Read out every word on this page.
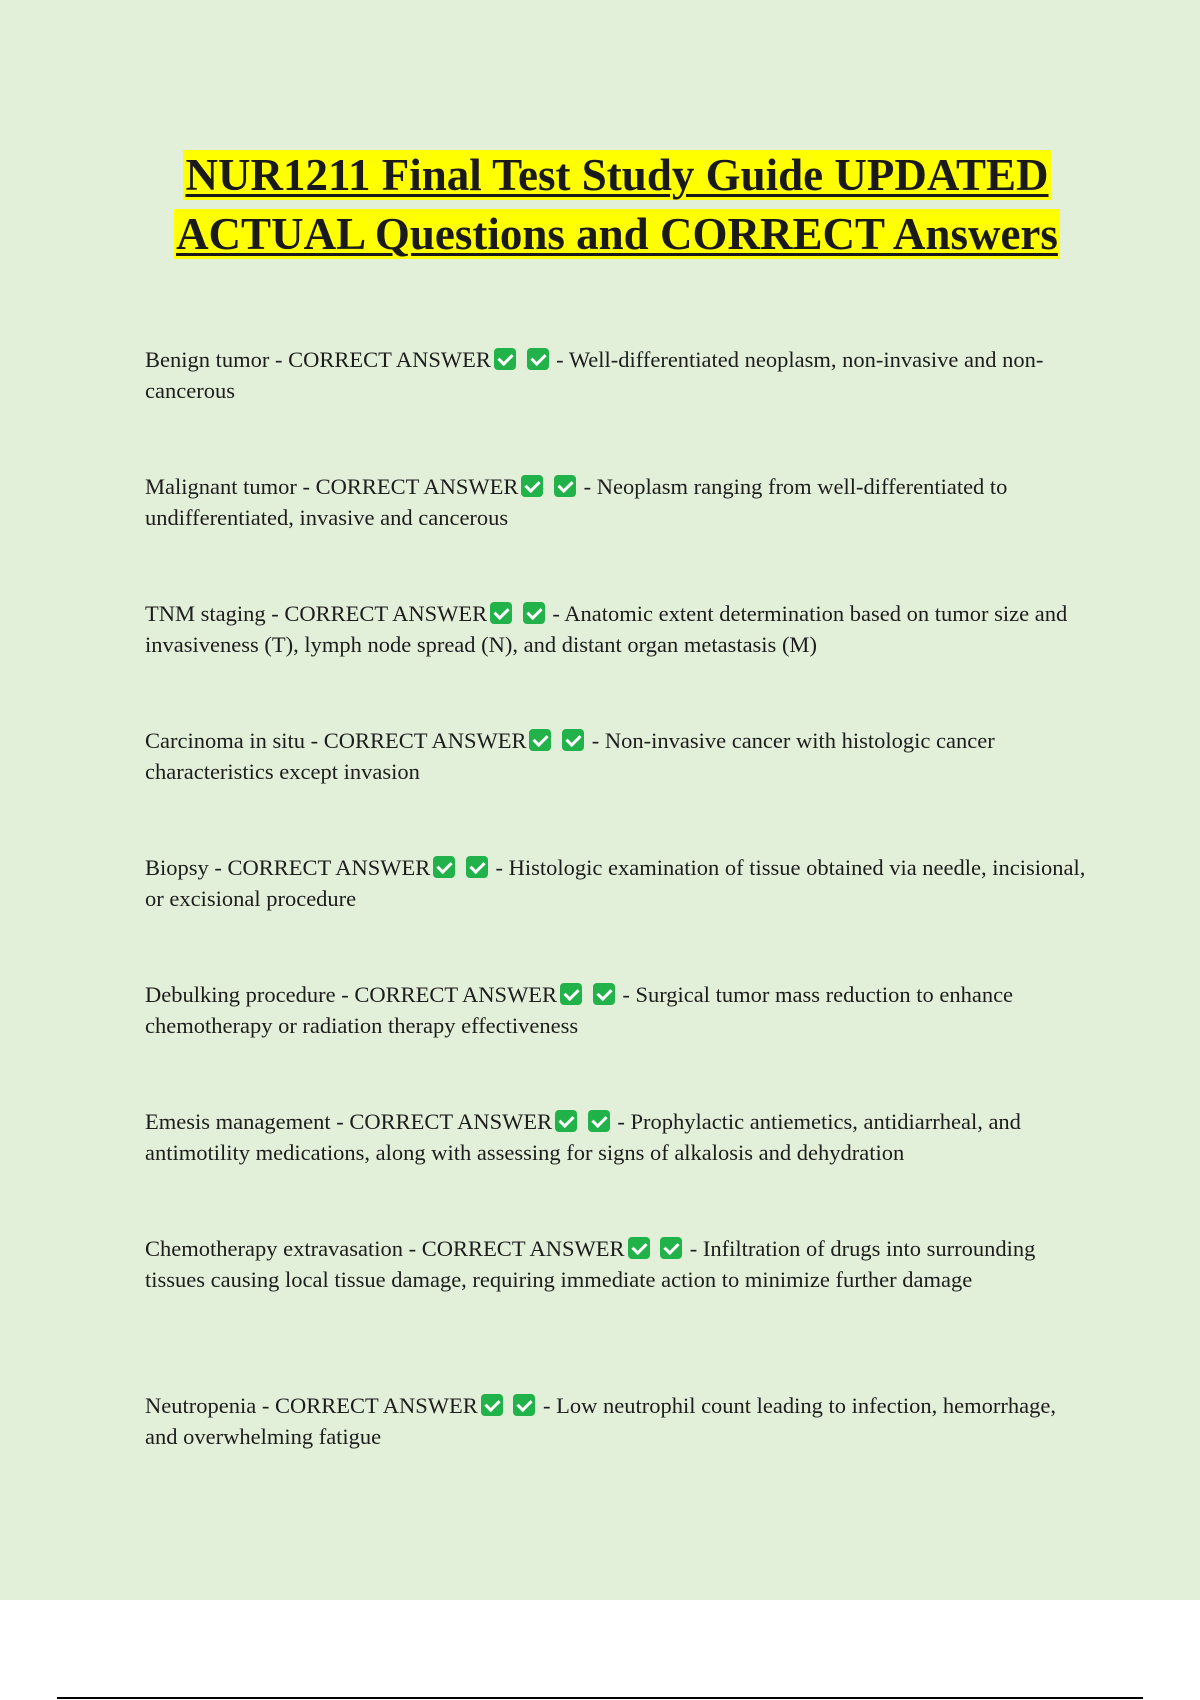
NUR1211 Final Test Study Guide UPDATED ACTUAL Questions and CORRECT Answers
Benign tumor - CORRECT ANSWER	- Well-differentiated neoplasm, non-invasive and non-cancerous
Malignant tumor - CORRECT ANSWER	- Neoplasm ranging from well-differentiated to undifferentiated, invasive and cancerous
TNM staging - CORRECT ANSWER	- Anatomic extent determination based on tumor size and invasiveness (T), lymph node spread (N), and distant organ metastasis (M)
Carcinoma in situ - CORRECT ANSWER	- Non-invasive cancer with histologic cancer characteristics except invasion
Biopsy - CORRECT ANSWER	- Histologic examination of tissue obtained via needle, incisional, or excisional procedure
Debulking procedure - CORRECT ANSWER	- Surgical tumor mass reduction to enhance chemotherapy or radiation therapy effectiveness
Emesis management - CORRECT ANSWER	- Prophylactic antiemetics, antidiarrheal, and antimotility medications, along with assessing for signs of alkalosis and dehydration
Chemotherapy extravasation - CORRECT ANSWER	- Infiltration of drugs into surrounding tissues causing local tissue damage, requiring immediate action to minimize further damage
Neutropenia - CORRECT ANSWER	- Low neutrophil count leading to infection, hemorrhage, and overwhelming fatigue
